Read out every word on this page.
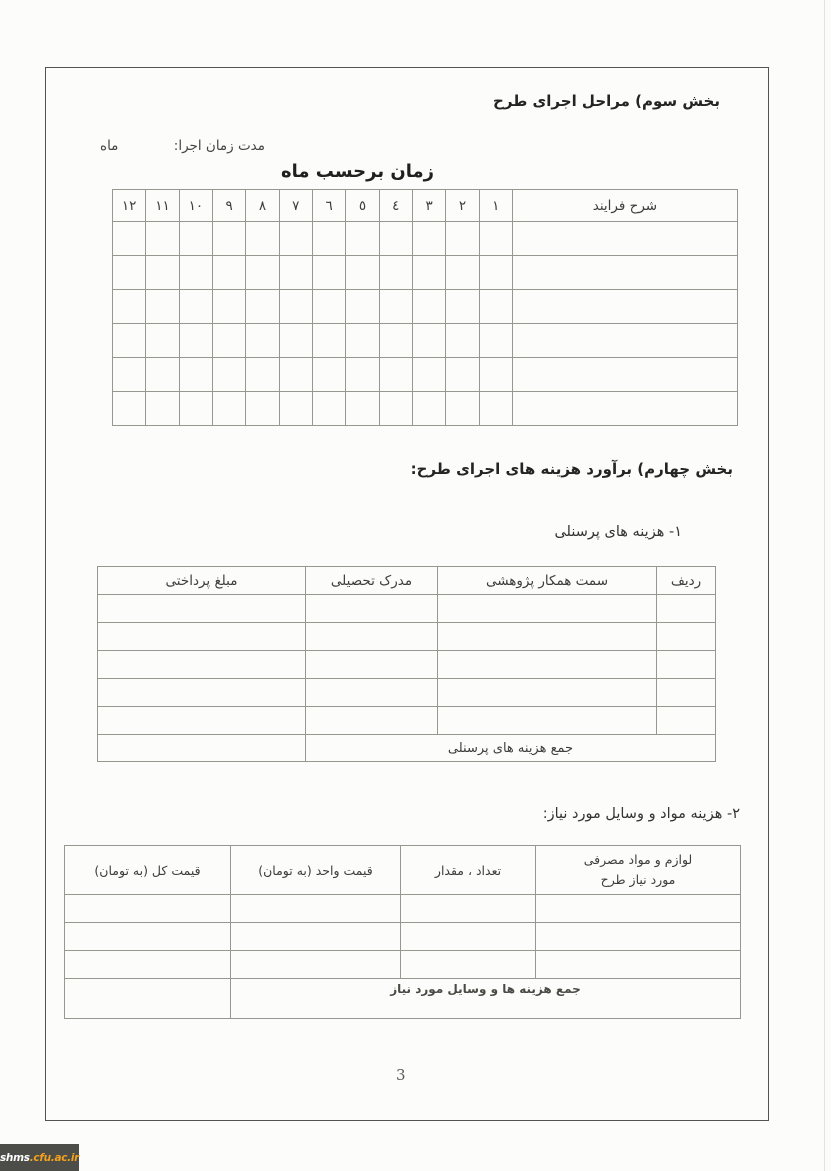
بخش سوم) مراحل اجرای طرح
مدت زمان اجرا:
ماه
زمان برحسب ماه
شرح فرایند	١	٢	٣	٤	٥	٦	٧	٨	٩	١٠	١١	١٢

بخش چهارم) برآورد هزینه های اجرای طرح:
۱- هزینه های پرسنلی
ردیف	سمت همکار پژوهشی	مدرک تحصیلی	مبلغ پرداختی

جمع هزینه های پرسنلی			
۲- هزینه مواد و وسایل مورد نیاز:
لوازم و مواد مصرفی
مورد نیاز طرح	تعداد ، مقدار	قیمت واحد (به تومان)	قیمت کل (به تومان)

جمع هزینه ها و وسایل مورد نیاز			
3
shms .cfu.ac.ir
